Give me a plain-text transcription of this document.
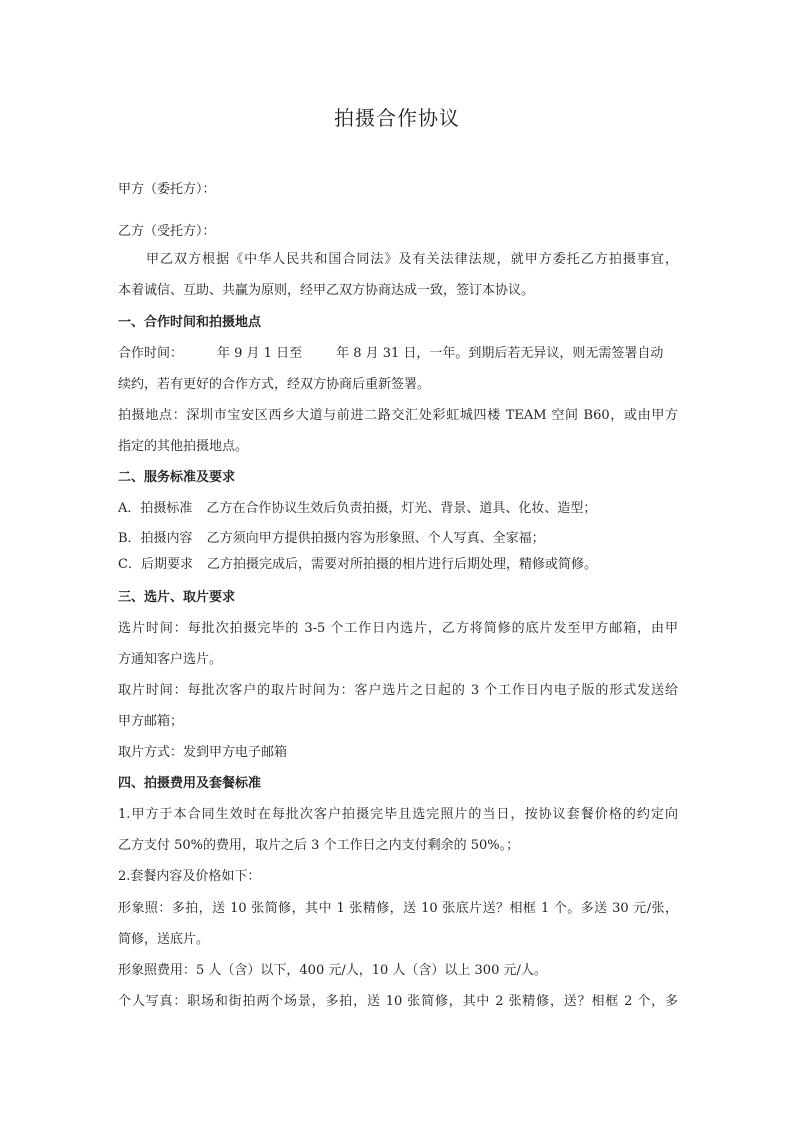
拍摄合作协议
甲方（委托方）：
乙方（受托方）：
甲乙双方根据《中华人民共和国合同法》及有关法律法规，就甲方委托乙方拍摄事宜，
本着诚信、互助、共赢为原则，经甲乙双方协商达成一致，签订本协议。
一、合作时间和拍摄地点
合作时间：	年 9 月 1 日至	年 8 月 31 日，一年。到期后若无异议，则无需签署自动
续约，若有更好的合作方式，经双方协商后重新签署。
拍摄地点：深圳市宝安区西乡大道与前进二路交汇处彩虹城四楼 TEAM 空间 B60，或由甲方
指定的其他拍摄地点。
二、服务标准及要求
A．拍摄标准 乙方在合作协议生效后负责拍摄，灯光、背景、道具、化妆、造型；
B．拍摄内容 乙方须向甲方提供拍摄内容为形象照、个人写真、全家福；
C．后期要求 乙方拍摄完成后，需要对所拍摄的相片进行后期处理，精修或简修。
三、选片、取片要求
选片时间：每批次拍摄完毕的 3-5 个工作日内选片，乙方将简修的底片发至甲方邮箱，由甲
方通知客户选片。
取片时间：每批次客户的取片时间为：客户选片之日起的 3 个工作日内电子版的形式发送给
甲方邮箱；
取片方式：发到甲方电子邮箱
四、拍摄费用及套餐标准
1.甲方于本合同生效时在每批次客户拍摄完毕且选完照片的当日，按协议套餐价格的约定向
乙方支付 50%的费用，取片之后 3 个工作日之内支付剩余的 50%。；
2.套餐内容及价格如下：
形象照：多拍，送 10 张简修，其中 1 张精修，送 10 张底片送？相框 1 个。多送 30 元/张，
简修，送底片。
形象照费用：5 人（含）以下，400 元/人，10 人（含）以上 300 元/人。
个人写真：职场和街拍两个场景，多拍，送 10 张简修，其中 2 张精修，送？相框 2 个，多
